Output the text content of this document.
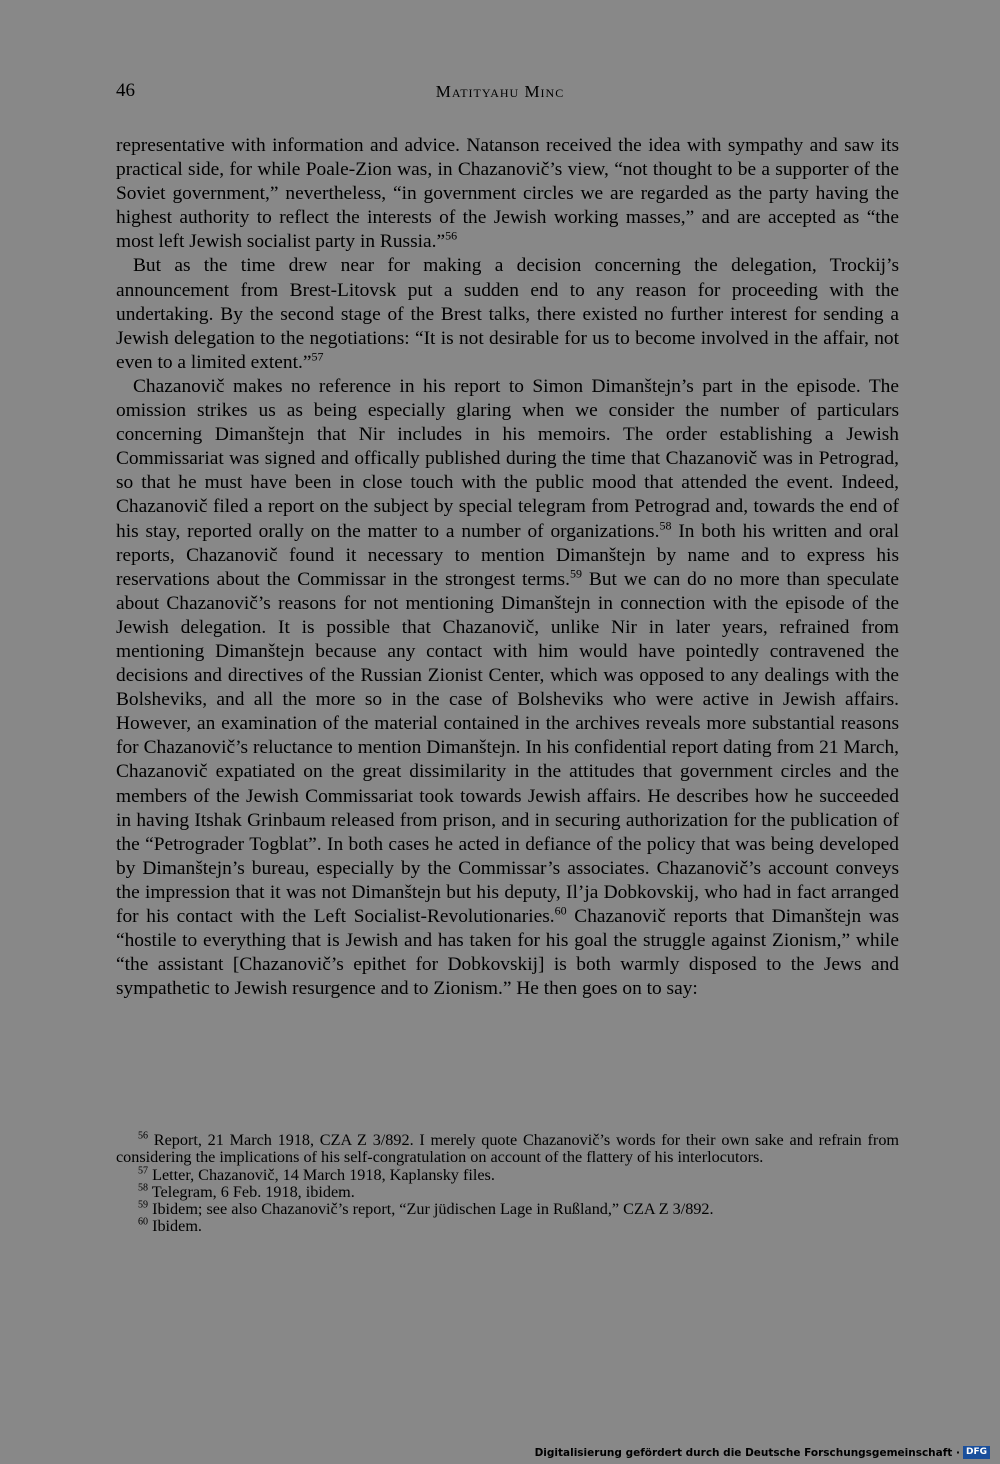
46	Matityahu Minc

representative with information and advice. Natanson received the idea with sympathy and saw its practical side, for while Poale-Zion was, in Chazanovič’s view, “not thought to be a supporter of the Soviet government,” nevertheless, “in government circles we are regarded as the party having the highest authority to reflect the interests of the Jewish working masses,” and are accepted as “the most left Jewish socialist party in Russia.”$^{56}$

But as the time drew near for making a decision concerning the delegation, Trockij’s announcement from Brest-Litovsk put a sudden end to any reason for proceeding with the undertaking. By the second stage of the Brest talks, there existed no further interest for sending a Jewish delegation to the negotiations: “It is not desirable for us to become involved in the affair, not even to a limited extent.”$^{57}$

Chazanovič makes no reference in his report to Simon Dimanštejn’s part in the episode. The omission strikes us as being especially glaring when we consider the number of particulars concerning Dimanštejn that Nir includes in his memoirs. The order establishing a Jewish Commissariat was signed and offically published during the time that Chazanovič was in Petrograd, so that he must have been in close touch with the public mood that attended the event. Indeed, Chazanovič filed a report on the subject by special telegram from Petrograd and, towards the end of his stay, reported orally on the matter to a number of organizations.$^{58}$ In both his written and oral reports, Chazanovič found it necessary to mention Dimanštejn by name and to express his reservations about the Commissar in the strongest terms.$^{59}$ But we can do no more than speculate about Chazanovič’s reasons for not mentioning Dimanštejn in connection with the episode of the Jewish delegation. It is possible that Chazanovič, unlike Nir in later years, refrained from mentioning Dimanštejn because any contact with him would have pointedly contravened the decisions and directives of the Russian Zionist Center, which was opposed to any dealings with the Bolsheviks, and all the more so in the case of Bolsheviks who were active in Jewish affairs. However, an examination of the material contained in the archives reveals more substantial reasons for Chazanovič’s reluctance to mention Dimanštejn. In his confidential report dating from 21 March, Chazanovič expatiated on the great dissimilarity in the attitudes that government circles and the members of the Jewish Commissariat took towards Jewish affairs. He describes how he succeeded in having Itshak Grinbaum released from prison, and in securing authorization for the publication of the “Petrograder Togblat”. In both cases he acted in defiance of the policy that was being developed by Dimanštejn’s bureau, especially by the Commissar’s associates. Chazanovič’s account conveys the impression that it was not Dimanštejn but his deputy, Il’ja Dobkovskij, who had in fact arranged for his contact with the Left Socialist-Revolutionaries.$^{60}$ Chazanovič reports that Dimanštejn was “hostile to everything that is Jewish and has taken for his goal the struggle against Zionism,” while “the assistant [Chazanovič’s epithet for Dobkovskij] is both warmly disposed to the Jews and sympathetic to Jewish resurgence and to Zionism.” He then goes on to say:

$^{56}$ Report, 21 March 1918, CZA Z 3/892. I merely quote Chazanovič’s words for their own sake and refrain from considering the implications of his self-congratulation on account of the flattery of his interlocutors.

$^{57}$ Letter, Chazanovič, 14 March 1918, Kaplansky files.

$^{58}$ Telegram, 6 Feb. 1918, ibidem.

$^{59}$ Ibidem; see also Chazanovič’s report, “Zur jüdischen Lage in Rußland,” CZA Z 3/892.

$^{60}$ Ibidem.

Digitalisierung gefördert durch die Deutsche Forschungsgemeinschaft · DFG
